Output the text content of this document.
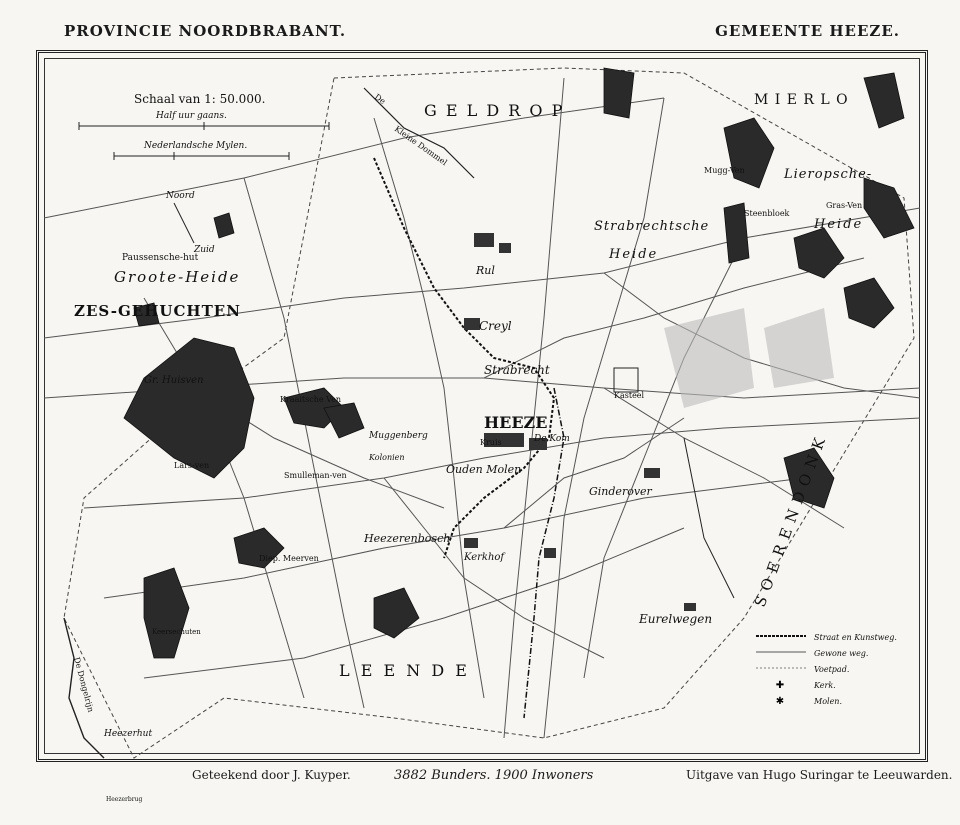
PROVINCIE NOORDBRABANT.	GEMEENTE HEEZE.
G E L D R O P
M I E R L O
ZES-GEHUCHTEN
Groote-Heide
Paussensche-hut
Strabrechtsche
Heide
Lieropsche-
Heide
Mugg-Ven
Steenbloek
Gras-Ven
Rul
Creyl
Strabrecht
Kasteel
HEEZE
Kruis	De Kom
Muggenberg
Kolonien
Smulleman-ven	Ouden Molen
Gr. Huisven
Kraaitsche Ven
Lars-ven
Diep. Meerven
Heezerenbosch
Kerkhof
Ginderover	S O E R E N D O N K
L E E N D E
Eurelwegen
Keersechuten
Heezerhut
Heezerbrug
De Dongelrijn
Kleine Dommel
De
Noord
Zuid
Schaal van 1: 50.000.
Half uur gaans.
Nederlandsche Mylen.
✚
✱
Straat en Kunstweg.
Gewone weg.
Voetpad.
Kerk.
Molen.
Geteekend door J. Kuyper.	3882 Bunders. 1900 Inwoners	Uitgave van Hugo Suringar te Leeuwarden.
